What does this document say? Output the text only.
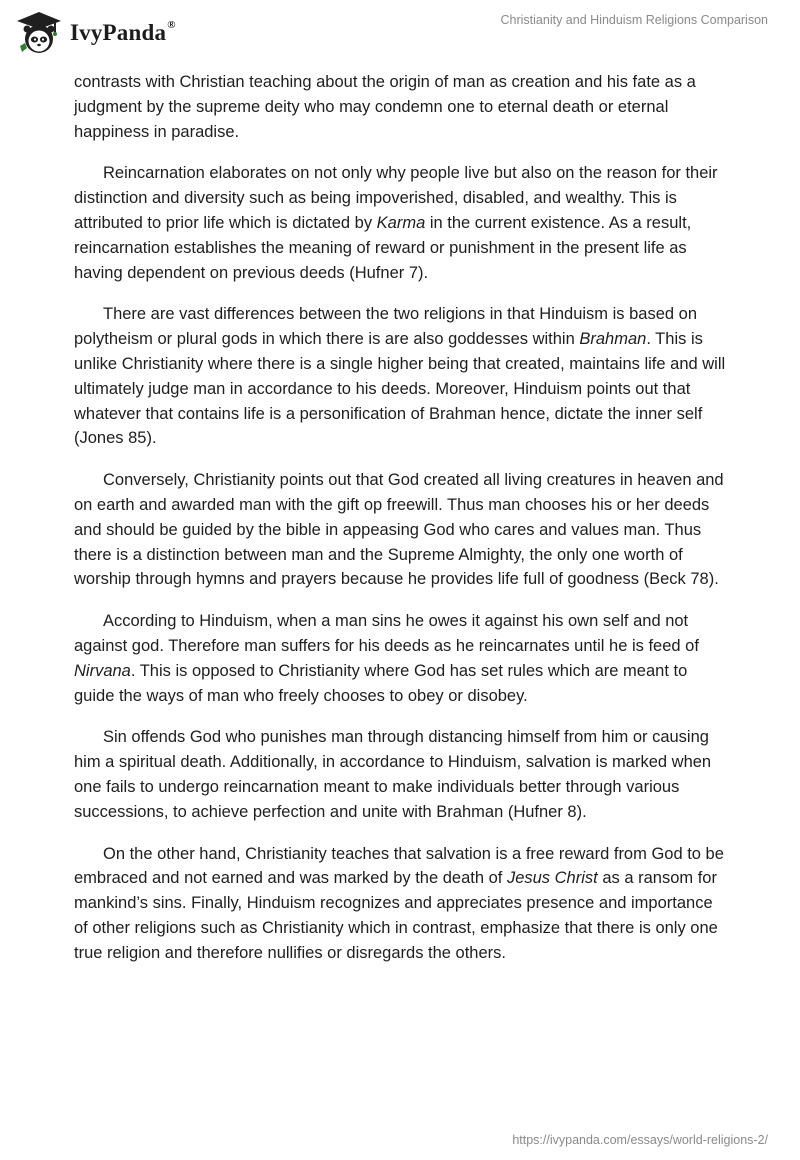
IvyPanda®	Christianity and Hinduism Religions Comparison

contrasts with Christian teaching about the origin of man as creation and his fate as a judgment by the supreme deity who may condemn one to eternal death or eternal happiness in paradise.

Reincarnation elaborates on not only why people live but also on the reason for their distinction and diversity such as being impoverished, disabled, and wealthy. This is attributed to prior life which is dictated by Karma in the current existence. As a result, reincarnation establishes the meaning of reward or punishment in the present life as having dependent on previous deeds (Hufner 7).

There are vast differences between the two religions in that Hinduism is based on polytheism or plural gods in which there is are also goddesses within Brahman. This is unlike Christianity where there is a single higher being that created, maintains life and will ultimately judge man in accordance to his deeds. Moreover, Hinduism points out that whatever that contains life is a personification of Brahman hence, dictate the inner self (Jones 85).

Conversely, Christianity points out that God created all living creatures in heaven and on earth and awarded man with the gift op freewill. Thus man chooses his or her deeds and should be guided by the bible in appeasing God who cares and values man. Thus there is a distinction between man and the Supreme Almighty, the only one worth of worship through hymns and prayers because he provides life full of goodness (Beck 78).

According to Hinduism, when a man sins he owes it against his own self and not against god. Therefore man suffers for his deeds as he reincarnates until he is feed of Nirvana. This is opposed to Christianity where God has set rules which are meant to guide the ways of man who freely chooses to obey or disobey.

Sin offends God who punishes man through distancing himself from him or causing him a spiritual death. Additionally, in accordance to Hinduism, salvation is marked when one fails to undergo reincarnation meant to make individuals better through various successions, to achieve perfection and unite with Brahman (Hufner 8).

On the other hand, Christianity teaches that salvation is a free reward from God to be embraced and not earned and was marked by the death of Jesus Christ as a ransom for mankind’s sins. Finally, Hinduism recognizes and appreciates presence and importance of other religions such as Christianity which in contrast, emphasize that there is only one true religion and therefore nullifies or disregards the others.

https://ivypanda.com/essays/world-religions-2/
